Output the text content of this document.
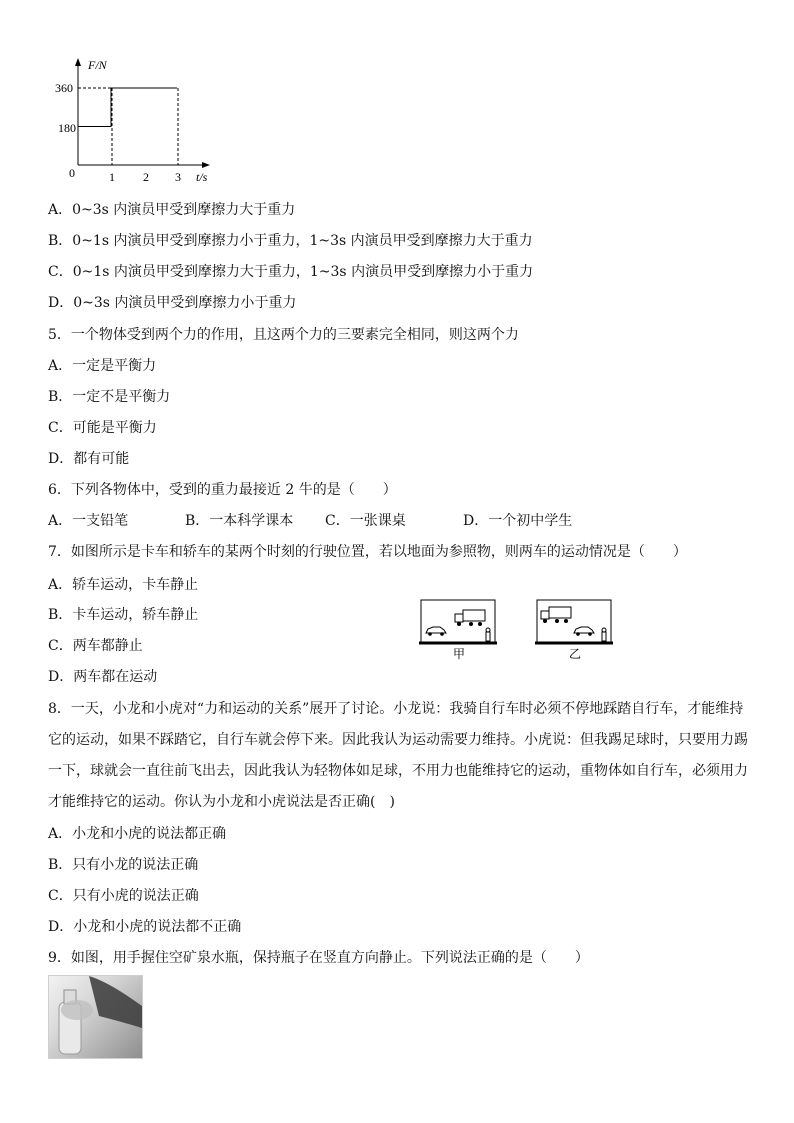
F/N
360
180
0	1 2 3 t/s
A．0~3s 内演员甲受到摩擦力大于重力
B．0~1s 内演员甲受到摩擦力小于重力，1~3s 内演员甲受到摩擦力大于重力
C．0~1s 内演员甲受到摩擦力大于重力，1~3s 内演员甲受到摩擦力小于重力
D．0~3s 内演员甲受到摩擦力小于重力
5．一个物体受到两个力的作用，且这两个力的三要素完全相同，则这两个力
A．一定是平衡力
B．一定不是平衡力
C．可能是平衡力
D．都有可能
6．下列各物体中，受到的重力最接近 2 牛的是（　　）
A．一支铅笔	B．一本科学课本 C．一张课桌	D．一个初中学生
7．如图所示是卡车和轿车的某两个时刻的行驶位置，若以地面为参照物，则两车的运动情况是（　　）
A．轿车运动，卡车静止
B．卡车运动，轿车静止
C．两车都静止
D．两车都在运动
甲	乙
8．一天，小龙和小虎对“力和运动的关系”展开了讨论。小龙说：我骑自行车时必须不停地踩踏自行车，才能维持
它的运动，如果不踩踏它，自行车就会停下来。因此我认为运动需要力维持。小虎说：但我踢足球时，只要用力踢
一下，球就会一直往前飞出去，因此我认为轻物体如足球，不用力也能维持它的运动，重物体如自行车，必须用力
才能维持它的运动。你认为小龙和小虎说法是否正确(　)
A．小龙和小虎的说法都正确
B．只有小龙的说法正确
C．只有小虎的说法正确
D．小龙和小虎的说法都不正确
9．如图，用手握住空矿泉水瓶，保持瓶子在竖直方向静止。下列说法正确的是（　　）
